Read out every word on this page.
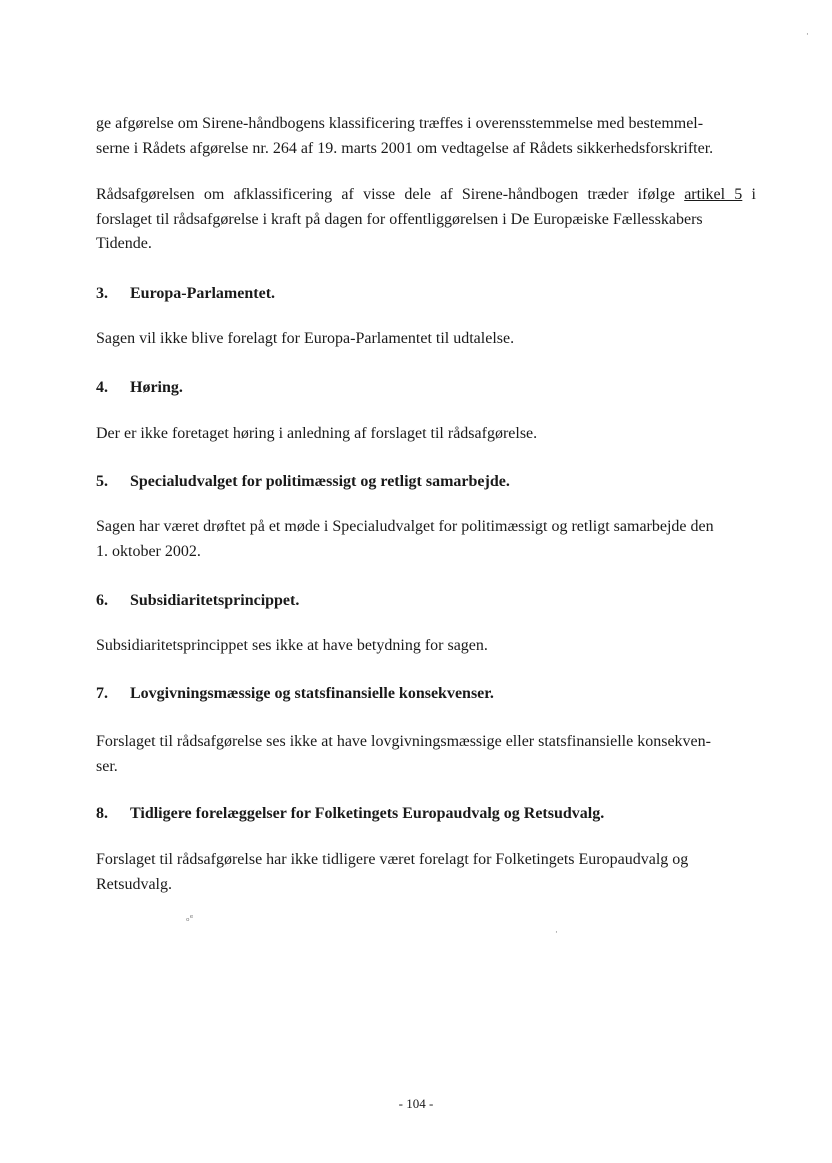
ge afgørelse om Sirene-håndbogens klassificering træffes i overensstemmelse med bestemmel-

serne i Rådets afgørelse nr. 264 af 19. marts 2001 om vedtagelse af Rådets sikkerhedsforskrifter.

Rådsafgørelsen om afklassificering af visse dele af Sirene-håndbogen træder ifølge artikel 5 i

forslaget til rådsafgørelse i kraft på dagen for offentliggørelsen i De Europæiske Fællesskabers

Tidende.

3.	Europa-Parlamentet.

Sagen vil ikke blive forelagt for Europa-Parlamentet til udtalelse.

4.	Høring.

Der er ikke foretaget høring i anledning af forslaget til rådsafgørelse.

5.	Specialudvalget for politimæssigt og retligt samarbejde.

Sagen har været drøftet på et møde i Specialudvalget for politimæssigt og retligt samarbejde den

1. oktober 2002.

6.	Subsidiaritetsprincippet.

Subsidiaritetsprincippet ses ikke at have betydning for sagen.

7.	Lovgivningsmæssige og statsfinansielle konsekvenser.

Forslaget til rådsafgørelse ses ikke at have lovgivningsmæssige eller statsfinansielle konsekven-

ser.

8.	Tidligere forelæggelser for Folketingets Europaudvalg og Retsudvalg.

Forslaget til rådsafgørelse har ikke tidligere været forelagt for Folketingets Europaudvalg og

Retsudvalg.

ₒᵉ
·
·
- 104 -
